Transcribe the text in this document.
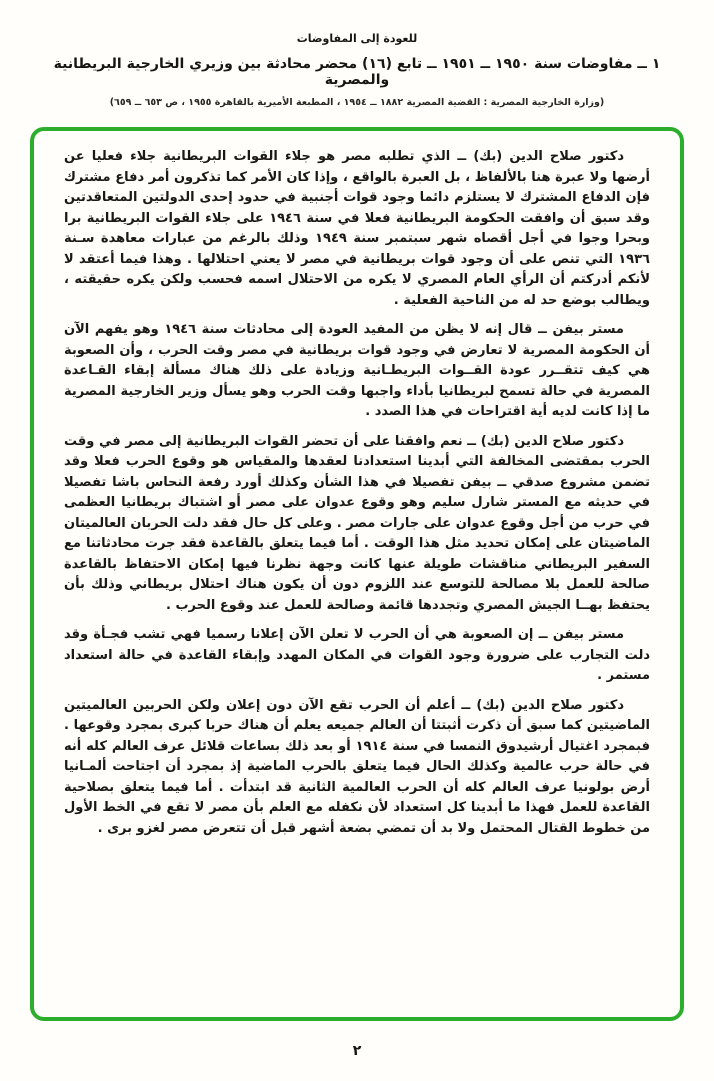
للعودة إلى المفاوضات
١ ــ مفاوضات سنة ١٩٥٠ ــ ١٩٥١ ــ تابع (١٦) محضر محادثة بين وزيري الخارجية البريطانية والمصرية
(وزارة الخارجية المصرية : القضية المصرية ١٨٨٢ ــ ١٩٥٤ ، المطبعة الأميرية بالقاهرة ١٩٥٥ ، ص ٦٥٣ ــ ٦٥٩)

دكتور صلاح الدين (بك) ــ الذي تطلبه مصر هو جلاء القوات البريطانية جلاء فعليا عن أرضها ولا عبرة هنا بالألفاظ ، بل العبرة بالواقع ، وإذا كان الأمر كما تذكرون أمر دفاع مشترك فإن الدفاع المشترك لا يستلزم دائما وجود قوات أجنبية في حدود إحدى الدولتين المتعاقدتين وقد سبق أن وافقت الحكومة البريطانية فعلا في سنة ١٩٤٦ على جلاء القوات البريطانية برا وبحرا وجوا في أجل أقصاه شهر سبتمبر سنة ١٩٤٩ وذلك بالرغم من عبارات معاهدة سـنة ١٩٣٦ التي تنص على أن وجود قوات بريطانية في مصر لا يعني احتلالها . وهذا فيما أعتقد لا لأنكم أدركتم أن الرأي العام المصري لا يكره من الاحتلال اسمه فحسب ولكن يكره حقيقته ، ويطالب بوضع حد له من الناحية الفعلية .

مستر بيفن ــ قال إنه لا يظن من المفيد العودة إلى محادثات سنة ١٩٤٦ وهو يفهم الآن أن الحكومة المصرية لا تعارض في وجود قوات بريطانية في مصر وقت الحرب ، وأن الصعوبة هي كيف تتقــرر عودة القــوات البريطـانية وزيادة على ذلك هناك مسألة إبقاء القـاعدة المصرية في حالة تسمح لبريطانيا بأداء واجبها وقت الحرب وهو يسأل وزير الخارجية المصرية ما إذا كانت لديه أية اقتراحات في هذا الصدد .

دكتور صلاح الدين (بك) ــ نعم وافقنا على أن تحضر القوات البريطانية إلى مصر في وقت الحرب بمقتضى المخالفة التي أبدينا استعدادنا لعقدها والمقياس هو وقوع الحرب فعلا وقد تضمن مشروع صدقي ــ بيفن تفصيلا في هذا الشأن وكذلك أورد رفعة النحاس باشا تفصيلا في حديثه مع المستر شارل سليم وهو وقوع عدوان على مصر أو اشتباك بريطانيا العظمى في حرب من أجل وقوع عدوان على جارات مصر . وعلى كل حال فقد دلت الحربان العالميتان الماضيتان على إمكان تحديد مثل هذا الوقت . أما فيما يتعلق بالقاعدة فقد جرت محادثاتنا مع السفير البريطاني مناقشات طويلة عنها كانت وجهة نظرنا فيها إمكان الاحتفاظ بالقاعدة صالحة للعمل بلا مصالحة للتوسع عند اللزوم دون أن يكون هناك احتلال بريطاني وذلك بأن يحتفظ بهــا الجيش المصري وتجددها قائمة وصالحة للعمل عند وقوع الحرب .

مستر بيفن ــ إن الصعوبة هي أن الحرب لا تعلن الآن إعلانا رسميا فهي تشب فجـأة وقد دلت التجارب على ضرورة وجود القوات في المكان المهدد وإبقاء القاعدة في حالة استعداد مستمر .

دكتور صلاح الدين (بك) ــ أعلم أن الحرب تقع الآن دون إعلان ولكن الحربين العالميتين الماضيتين كما سبق أن ذكرت أثبتتا أن العالم جميعه يعلم أن هناك حربا كبرى بمجرد وقوعها . فبمجرد اغتيال أرشيدوق النمسا في سنة ١٩١٤ أو بعد ذلك بساعات قلائل عرف العالم كله أنه في حالة حرب عالمية وكذلك الحال فيما يتعلق بالحرب الماضية إذ بمجرد أن اجتاحت ألمـانيا أرض بولونيا عرف العالم كله أن الحرب العالمية الثانية قد ابتدأت . أما فيما يتعلق بصلاحية القاعدة للعمل فهذا ما أبدينا كل استعداد لأن نكفله مع العلم بأن مصر لا تقع في الخط الأول من خطوط القتال المحتمل ولا بد أن تمضي بضعة أشهر قبل أن تتعرض مصر لغزو برى .

٢
